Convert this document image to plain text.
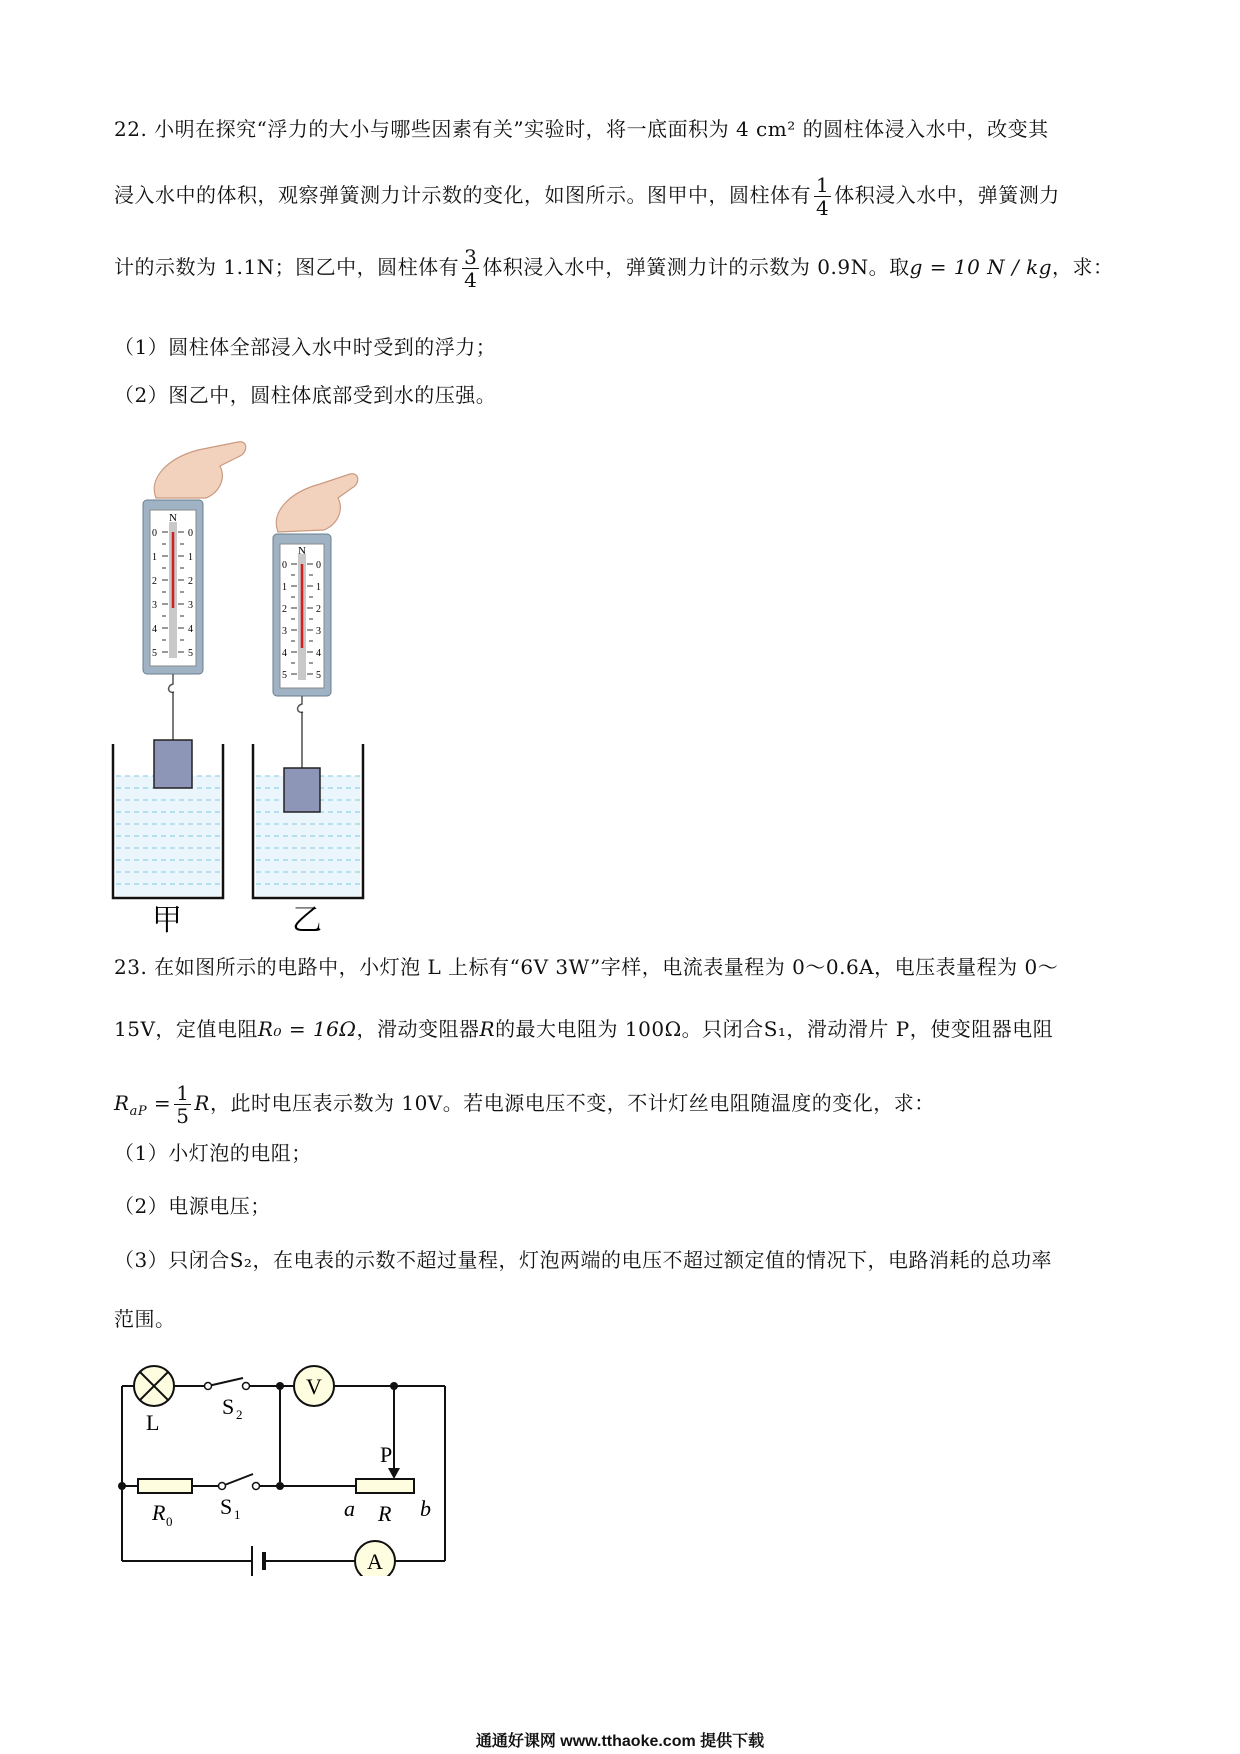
22. 小明在探究“浮力的大小与哪些因素有关”实验时，将一底面积为 4 cm² 的圆柱体浸入水中，改变其
浸入水中的体积，观察弹簧测力计示数的变化，如图所示。图甲中，圆柱体有 $\frac{1}{4}$ 体积浸入水中，弹簧测力
计的示数为 1.1N；图乙中，圆柱体有 $\frac{3}{4}$ 体积浸入水中，弹簧测力计的示数为 0.9N。取g = 10 N / kg，求：
（1）圆柱体全部浸入水中时受到的浮力；
（2）图乙中，圆柱体底部受到水的压强。
N
0
1
2
3
4
5
0
1
2
3
4
5
N
0
1
2
3
4
5
0
1
2
3
4
5
甲	乙
23. 在如图所示的电路中，小灯泡 L 上标有“6V 3W”字样，电流表量程为 0～0.6A，电压表量程为 0～
15V，定值电阻R₀ = 16Ω，滑动变阻器R的最大电阻为 100Ω。只闭合S₁，滑动滑片 P，使变阻器电阻
$R_{aP} = \frac{1}{5}$ R，此时电压表示数为 10V。若电源电压不变，不计灯丝电阻随温度的变化，求：
（1）小灯泡的电阻；
（2）电源电压；
（3）只闭合S₂，在电表的示数不超过量程，灯泡两端的电压不超过额定值的情况下，电路消耗的总功率
范围。
V
A
L
S 2
R 0
S 1
P
a R b
通通好课网 www.tthaoke.com 提供下载
